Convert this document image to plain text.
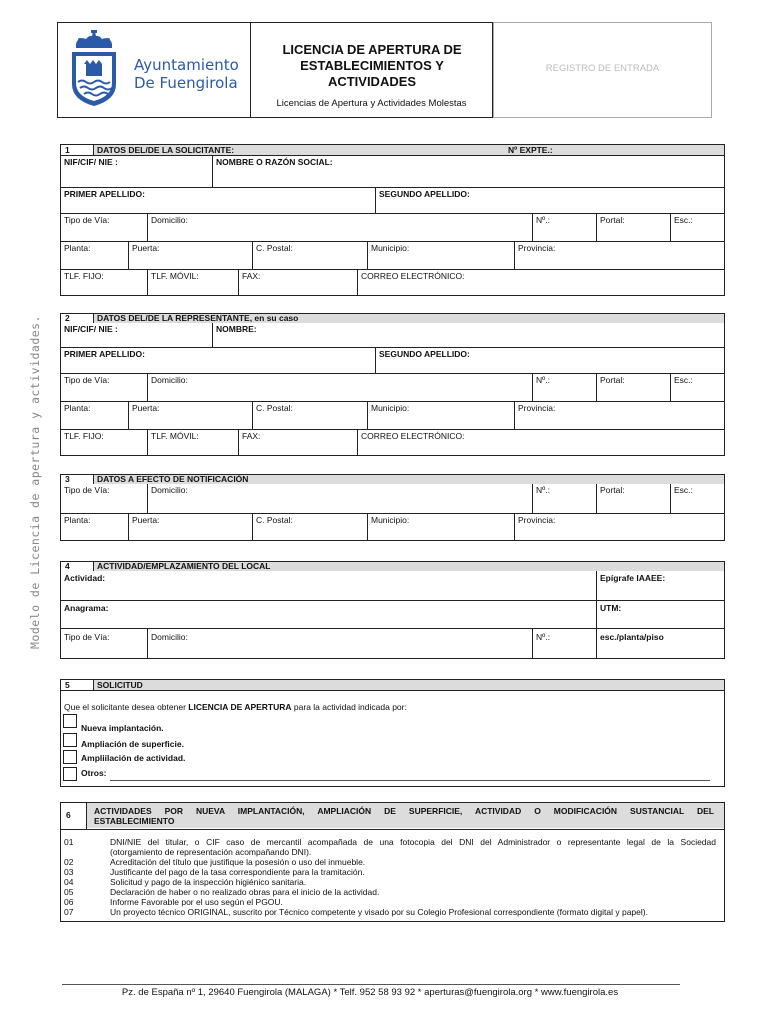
Modelo de Licencia de apertura y actividades.
Ayuntamiento
De Fuengirola
LICENCIA DE APERTURA DE ESTABLECIMIENTOS Y ACTIVIDADES
Licencias de Apertura y Actividades Molestas
REGISTRO DE ENTRADA
1	DATOS DEL/DE LA SOLICITANTE:	Nº EXPTE.:
NIF/CIF/ NIE :	NOMBRE O RAZÓN SOCIAL:
PRIMER APELLIDO:	SEGUNDO APELLIDO:
Tipo de Vía:	Domicilio:	Nº.:	Portal:	Esc.:
Planta:	Puerta:	C. Postal:	Municipio:	Provincia:
TLF. FIJO:	TLF. MÓVIL:	FAX:	CORREO ELECTRÓNICO:
2	DATOS DEL/DE LA REPRESENTANTE, en su caso
NIF/CIF/ NIE :	NOMBRE:
PRIMER APELLIDO:	SEGUNDO APELLIDO:
Tipo de Vía:	Domicilio:	Nº.:	Portal:	Esc.:
Planta:	Puerta:	C. Postal:	Municipio:	Provincia:
TLF. FIJO:	TLF. MÓVIL:	FAX:	CORREO ELECTRÓNICO:
3	DATOS A EFECTO DE NOTIFICACIÓN
Tipo de Vía:	Domicilio:	Nº.:	Portal:	Esc.:
Planta:	Puerta:	C. Postal:	Municipio:	Provincia:
4	ACTIVIDAD/EMPLAZAMIENTO DEL LOCAL
Actividad:	Epígrafe IAAEE:
Anagrama:	UTM:
Tipo de Vía:	Domicilio:	Nº.:	esc./planta/piso
5	SOLICITUD
Que el solicitante desea obtener LICENCIA DE APERTURA para la actividad indicada por:
Nueva implantación.
Ampliación de superficie.
Ampliilación de actividad.
Otros:
6	ACTIVIDADES POR NUEVA IMPLANTACIÓN, AMPLIACIÓN DE SUPERFICIE, ACTIVIDAD O MODIFICACIÓN SUSTANCIAL DEL
ESTABLECIMIENTO
01	DNI/NIE del titular, o CIF caso de mercantil acompañada de una fotocopia del DNI del Administrador o representante legal de la Sociedad
(otorgamiento de representación acompañando DNI).
02	Acreditación del título que justifique la posesión o uso del inmueble.
03	Justificante del pago de la tasa correspondiente para la tramitación.
04	Solicitud y pago de la inspección higiénico sanitaria.
05	Declaración de haber o no realizado obras para el inicio de la actividad.
06	Informe Favorable por el uso según el PGOU.
07	Un proyecto técnico ORIGINAL, suscrito por Técnico competente y visado por su Colegio Profesional correspondiente (formato digital y papel).
Pz. de España nº 1, 29640 Fuengirola (MALAGA) * Telf. 952 58 93 92 * aperturas@fuengirola.org * www.fuengirola.es
